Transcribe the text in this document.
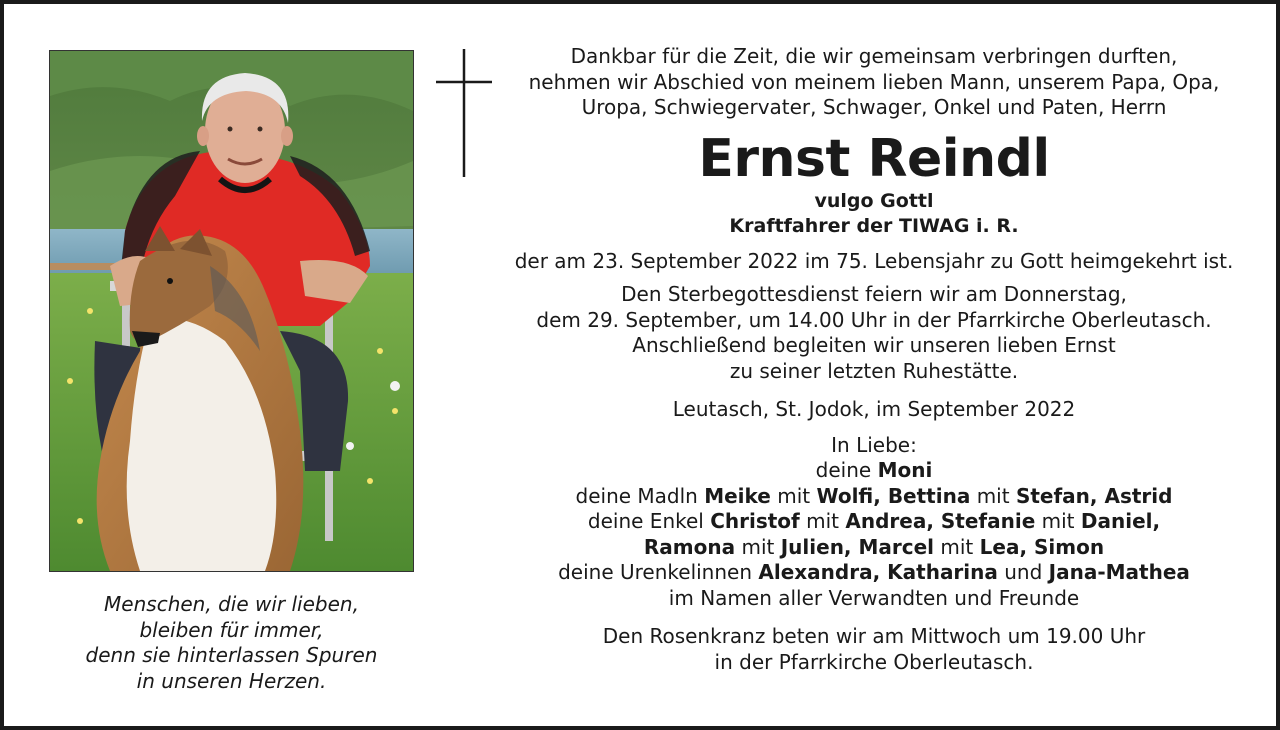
Menschen, die wir lieben,
bleiben für immer,
denn sie hinterlassen Spuren
in unseren Herzen.
Dankbar für die Zeit, die wir gemeinsam verbringen durften,
nehmen wir Abschied von meinem lieben Mann, unserem Papa, Opa,
Uropa, Schwiegervater, Schwager, Onkel und Paten, Herrn
Ernst Reindl
vulgo Gottl
Kraftfahrer der TIWAG i. R.
der am 23. September 2022 im 75. Lebensjahr zu Gott heimgekehrt ist.
Den Sterbegottesdienst feiern wir am Donnerstag,
dem 29. September, um 14.00 Uhr in der Pfarrkirche Oberleutasch.
Anschließend begleiten wir unseren lieben Ernst
zu seiner letzten Ruhestätte.
Leutasch, St. Jodok, im September 2022
In Liebe:
deine Moni
deine Madln Meike mit Wolfi, Bettina mit Stefan, Astrid
deine Enkel Christof mit Andrea, Stefanie mit Daniel,
Ramona mit Julien, Marcel mit Lea, Simon
deine Urenkelinnen Alexandra, Katharina und Jana-Mathea
im Namen aller Verwandten und Freunde
Den Rosenkranz beten wir am Mittwoch um 19.00 Uhr
in der Pfarrkirche Oberleutasch.
